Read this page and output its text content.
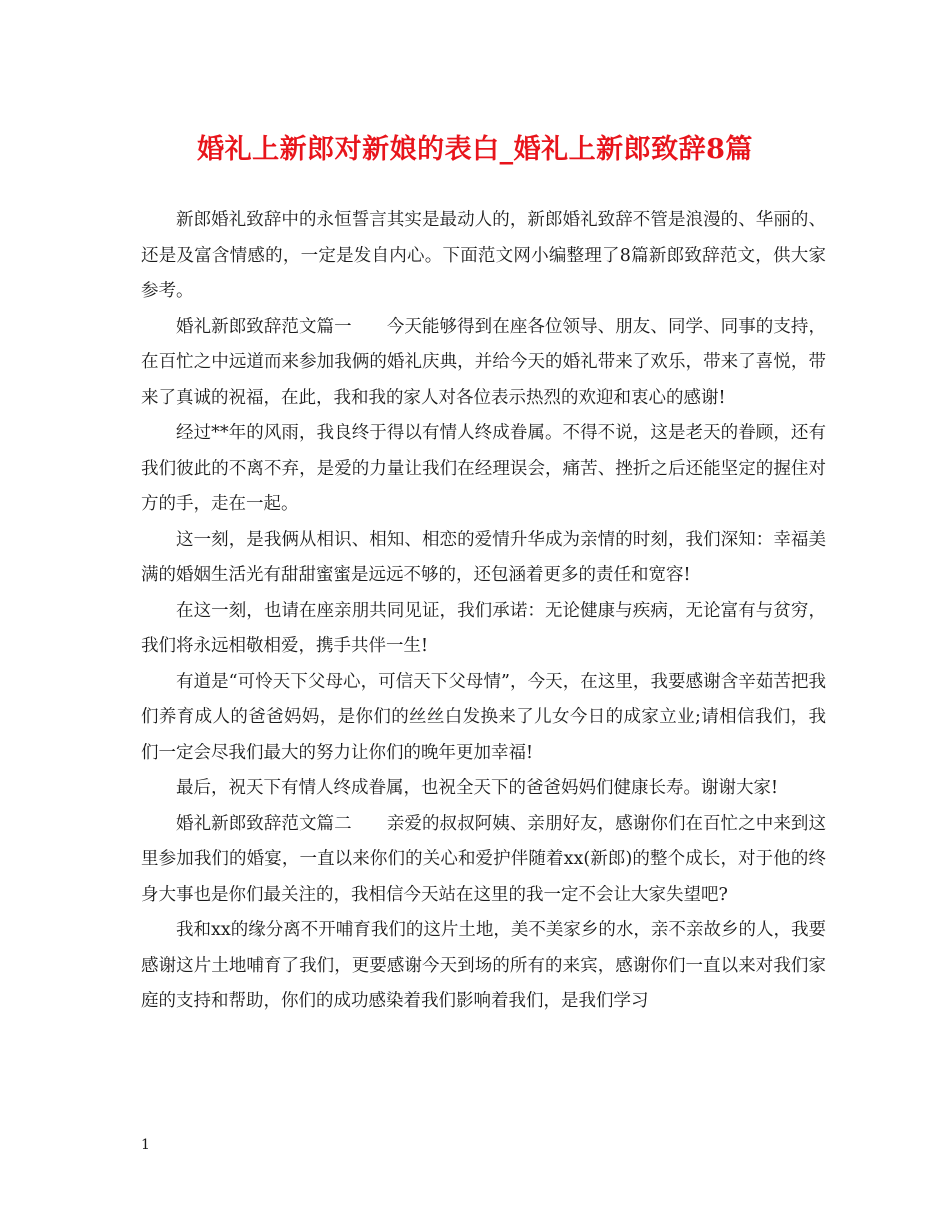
婚礼上新郎对新娘的表白_婚礼上新郎致辞8篇

新郎婚礼致辞中的永恒誓言其实是最动人的，新郎婚礼致辞不管是浪漫的、华丽的、还是及富含情感的，一定是发自内心。下面范文网小编整理了8篇新郎致辞范文，供大家参考。

婚礼新郎致辞范文篇一　　今天能够得到在座各位领导、朋友、同学、同事的支持，在百忙之中远道而来参加我俩的婚礼庆典，并给今天的婚礼带来了欢乐，带来了喜悦，带来了真诚的祝福，在此，我和我的家人对各位表示热烈的欢迎和衷心的感谢!

经过**年的风雨，我良终于得以有情人终成眷属。不得不说，这是老天的眷顾，还有我们彼此的不离不弃，是爱的力量让我们在经理误会，痛苦、挫折之后还能坚定的握住对方的手，走在一起。

这一刻，是我俩从相识、相知、相恋的爱情升华成为亲情的时刻，我们深知：幸福美满的婚姻生活光有甜甜蜜蜜是远远不够的，还包涵着更多的责任和宽容!

在这一刻，也请在座亲朋共同见证，我们承诺：无论健康与疾病，无论富有与贫穷，我们将永远相敬相爱，携手共伴一生!

有道是“可怜天下父母心，可信天下父母情”，今天，在这里，我要感谢含辛茹苦把我们养育成人的爸爸妈妈，是你们的丝丝白发换来了儿女今日的成家立业;请相信我们，我们一定会尽我们最大的努力让你们的晚年更加幸福!

最后，祝天下有情人终成眷属，也祝全天下的爸爸妈妈们健康长寿。谢谢大家!

婚礼新郎致辞范文篇二　　亲爱的叔叔阿姨、亲朋好友，感谢你们在百忙之中来到这里参加我们的婚宴，一直以来你们的关心和爱护伴随着xx(新郎)的整个成长，对于他的终身大事也是你们最关注的，我相信今天站在这里的我一定不会让大家失望吧?

我和xx的缘分离不开哺育我们的这片土地，美不美家乡的水，亲不亲故乡的人，我要感谢这片土地哺育了我们，更要感谢今天到场的所有的来宾，感谢你们一直以来对我们家庭的支持和帮助，你们的成功感染着我们影响着我们，是我们学习

1
